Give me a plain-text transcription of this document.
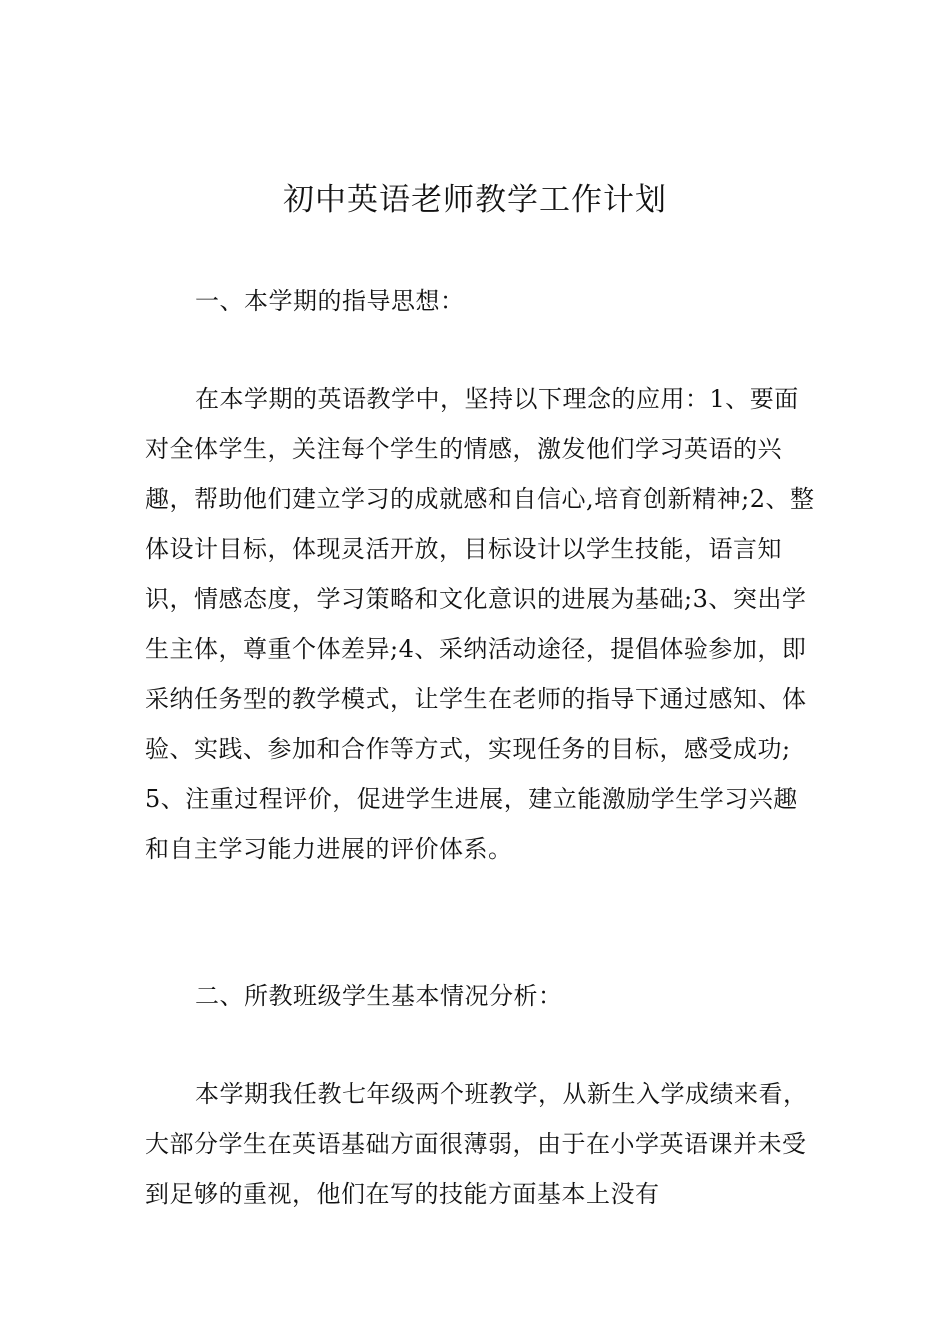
初中英语老师教学工作计划

一、本学期的指导思想：

在本学期的英语教学中，坚持以下理念的应用：1、要面对全体学生，关注每个学生的情感，激发他们学习英语的兴趣，帮助他们建立学习的成就感和自信心,培育创新精神;2、整体设计目标，体现灵活开放，目标设计以学生技能，语言知识，情感态度，学习策略和文化意识的进展为基础;3、突出学生主体，尊重个体差异;4、采纳活动途径，提倡体验参加，即采纳任务型的教学模式，让学生在老师的指导下通过感知、体验、实践、参加和合作等方式，实现任务的目标，感受成功;5、注重过程评价，促进学生进展，建立能激励学生学习兴趣和自主学习能力进展的评价体系。

二、所教班级学生基本情况分析：

本学期我任教七年级两个班教学，从新生入学成绩来看，大部分学生在英语基础方面很薄弱，由于在小学英语课并未受到足够的重视，他们在写的技能方面基本上没有
